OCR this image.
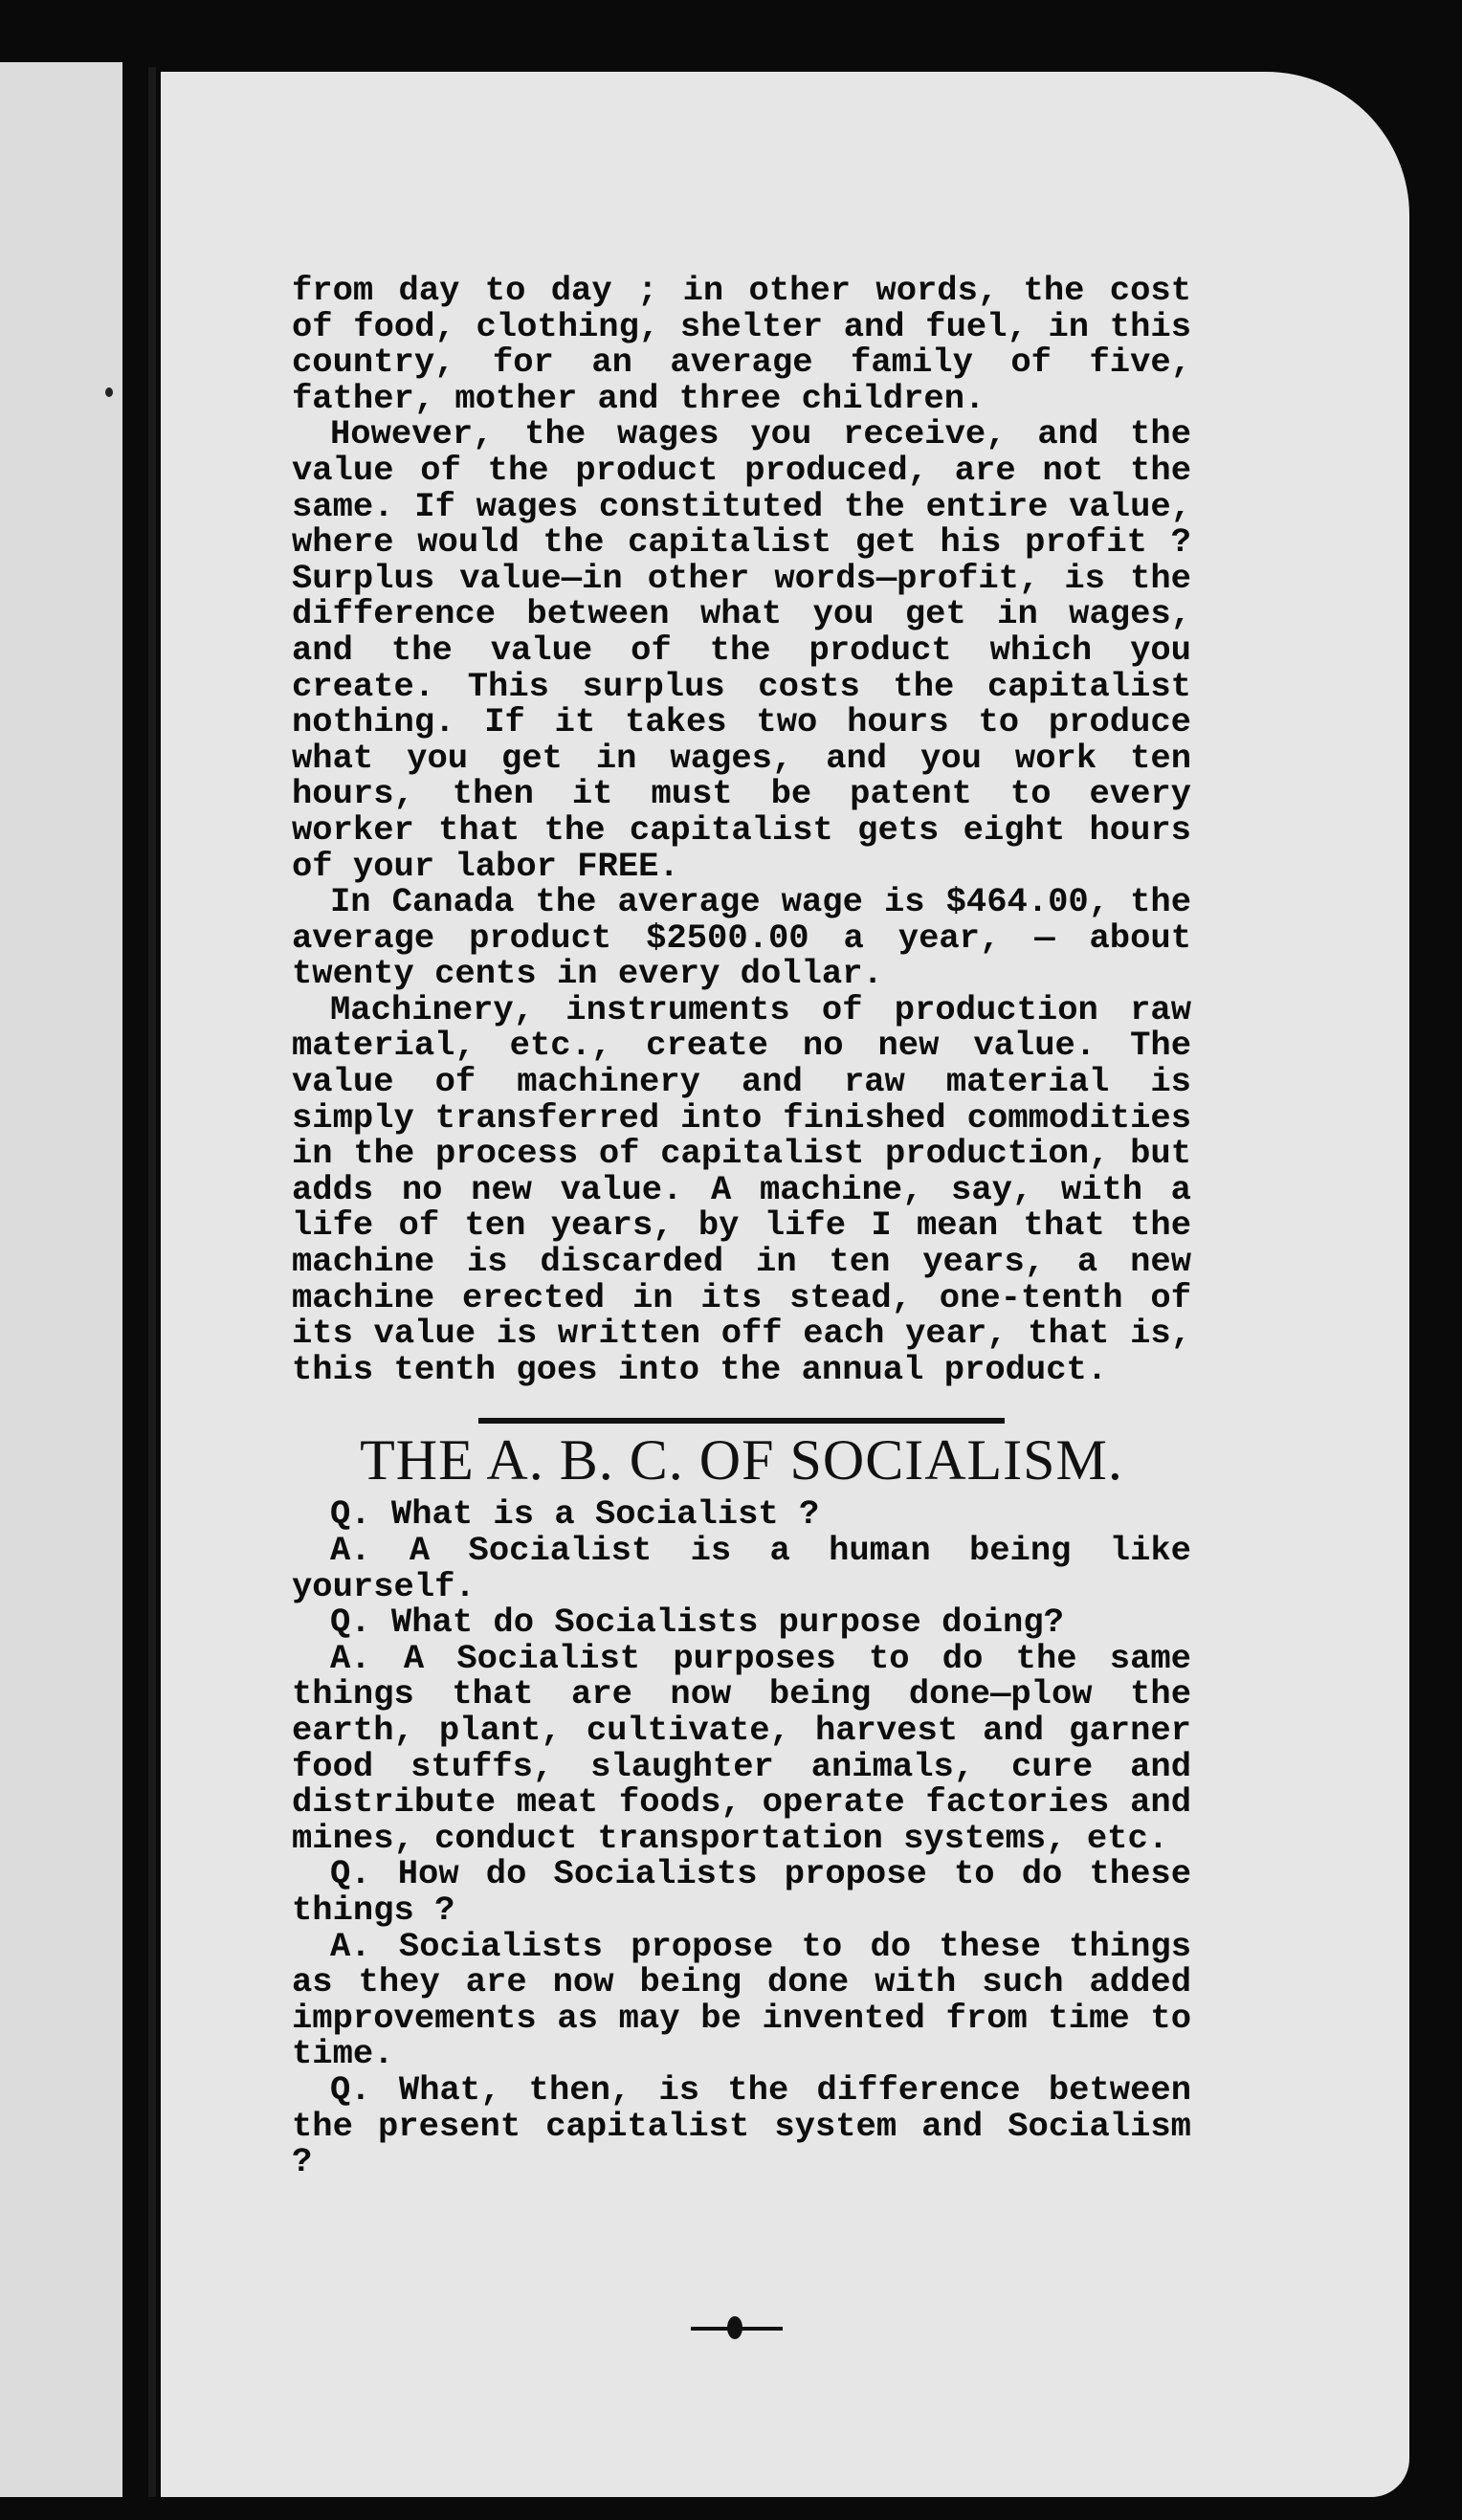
from day to day ; in other words, the cost of food, clothing, shelter and fuel, in this country, for an average family of five, father, mother and three children.

However, the wages you receive, and the value of the product produced, are not the same. If wages constituted the entire value, where would the capitalist get his profit ? Surplus value—in other words—profit, is the difference between what you get in wages, and the value of the product which you create. This surplus costs the capitalist nothing. If it takes two hours to produce what you get in wages, and you work ten hours, then it must be patent to every worker that the capitalist gets eight hours of your labor FREE.

In Canada the average wage is $464.00, the average product $2500.00 a year, — about twenty cents in every dollar.

Machinery, instruments of production raw material, etc., create no new value. The value of machinery and raw material is simply transferred into finished commodities in the process of capitalist production, but adds no new value. A machine, say, with a life of ten years, by life I mean that the machine is discarded in ten years, a new machine erected in its stead, one-tenth of its value is written off each year, that is, this tenth goes into the annual product.

THE A. B. C. OF SOCIALISM.

Q. What is a Socialist ?

A. A Socialist is a human being like yourself.

Q. What do Socialists purpose doing?

A. A Socialist purposes to do the same things that are now being done—plow the earth, plant, cultivate, harvest and garner food stuffs, slaughter animals, cure and distribute meat foods, operate factories and mines, conduct transportation systems, etc.

Q. How do Socialists propose to do these things ?

A. Socialists propose to do these things as they are now being done with such added improvements as may be invented from time to time.

Q. What, then, is the difference between the present capitalist system and Socialism ?
